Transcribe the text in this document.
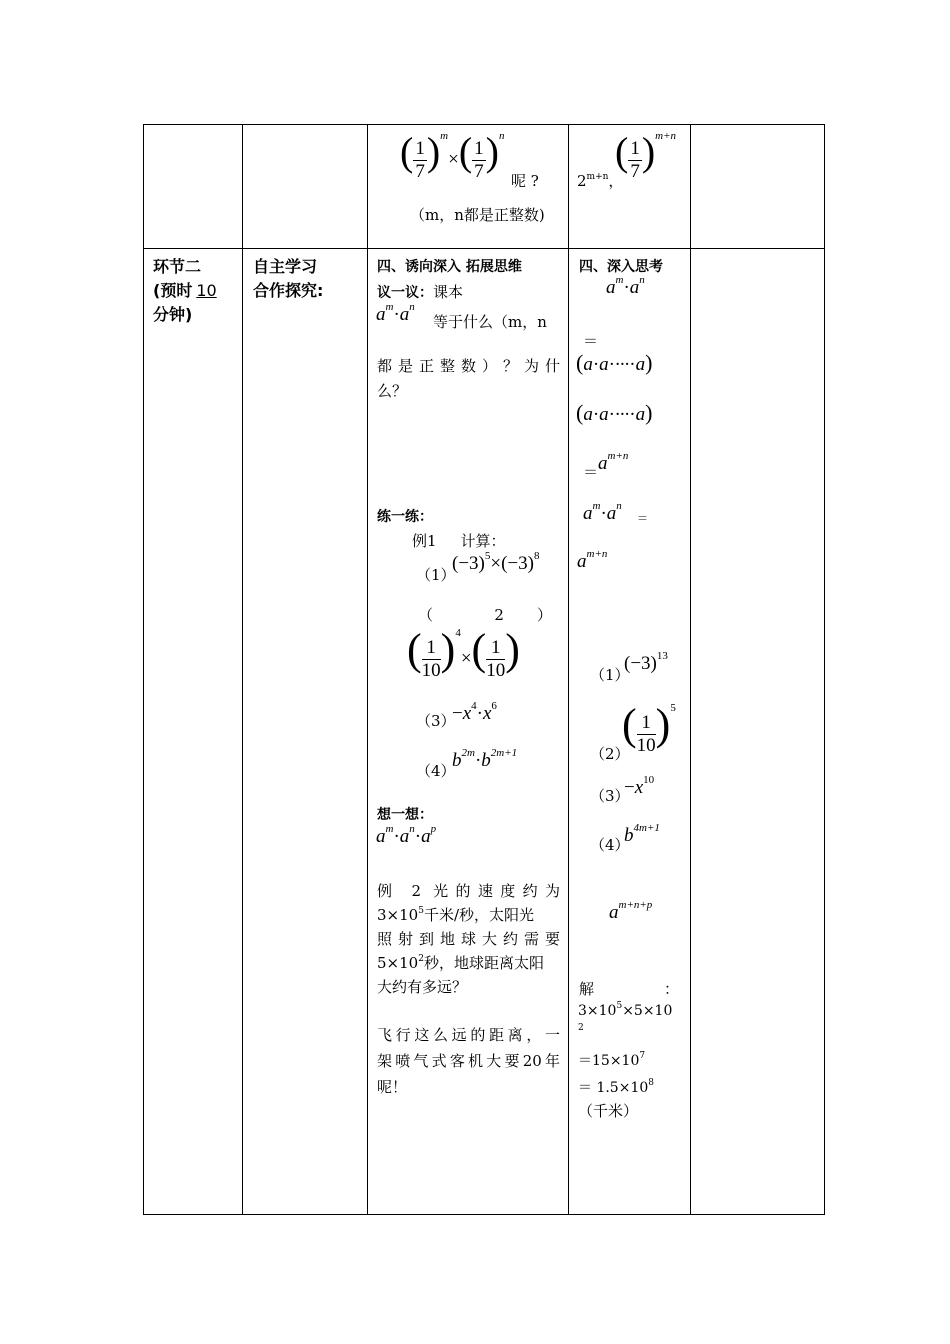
( $\frac{1}{7} )^m\times( \frac{1}{7} )^n$
呢 ?
（m，n都是正整数)
$2^{m+n}$，
( $\frac{1}{7} )^{m+n}$
环节二
(预时 10
分钟)
自主学习
合作探究:
四、诱向深入 拓展思维
议一议：课本
$a^m\cdot a^n$
等于什么（m，n
都是正整数）？为什
么？
练一练：
例1 计算：
（1）
$(-3)^5\times(-3)^8$
（ 2 ）
( $\frac{1}{10} )^4\times( \frac{1}{10}$ )
（3）
$-x^4\cdot x^6$
（4）
$b^{2m}\cdot b^{2m+1}$
想一想：
$a^m\cdot a^n\cdot a^p$
例 2 光的速度约为
$3\times 10^5$千米/秒，太阳光
照射到地球大约需要
$5\times 10^2$秒，地球距离太阳
大约有多远？
飞行这么远的距离，一
架喷气式客机大要20年
呢！
四、深入思考
$a^m\cdot a^n$
＝
(a·a·····a)
(a·a·····a)
＝ $a^{m+n}$
$a^m\cdot a^n$
＝
$a^{m+n}$
（1）
$(-3)^{13}$
（2）
( $\frac{1}{10} )^5$
（3）
$-x^{10}$
（4）
$b^{4m+1}$
$a^{m+n+p}$
解 ：
$3\times 10^5\times 5\times 10$
2
$=15\times 10^7$
＝ $1.5\times 10^8$
（千米）
